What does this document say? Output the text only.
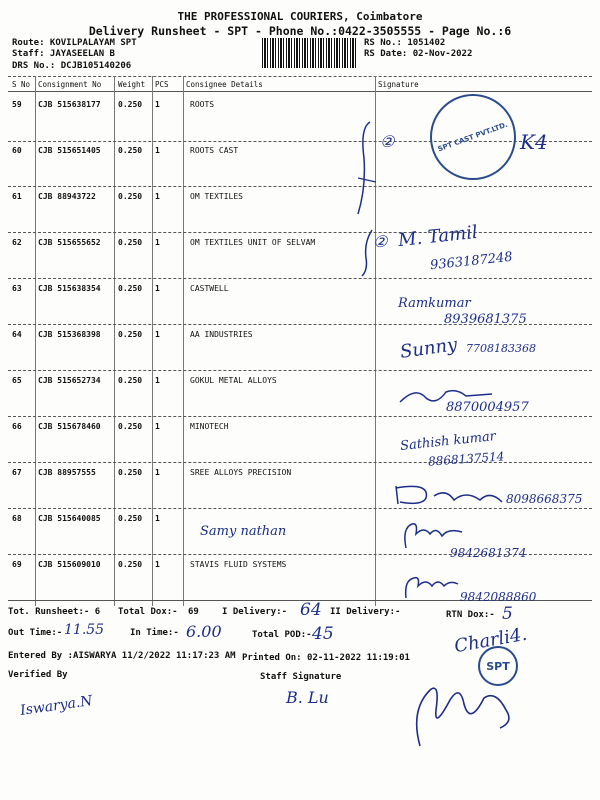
THE PROFESSIONAL COURIERS, Coimbatore
Delivery Runsheet - SPT - Phone No.:0422-3505555 - Page No.:6
Route: KOVILPALAYAM SPT
Staff: JAYASEELAN B
DRS No.: DCJB105140206
RS No.: 1051402
RS Date: 02-Nov-2022
S No Consignment No Weight PCS Consignee Details	Signature
59 CJB 515638177 0.250 1	ROOTS
60 CJB 515651405 0.250 1	ROOTS CAST
61 CJB 88943722	0.250 1	OM TEXTILES
62 CJB 515655652 0.250 1	OM TEXTILES UNIT OF SELVAM
63 CJB 515638354 0.250 1	CASTWELL
64 CJB 515368398 0.250 1	AA INDUSTRIES
65 CJB 515652734 0.250 1	GOKUL METAL ALLOYS
66 CJB 515678460 0.250 1	MINOTECH
67 CJB 88957555	0.250 1	SREE ALLOYS PRECISION
68 CJB 515640085 0.250 1
69 CJB 515609010 0.250 1	STAVIS FLUID SYSTEMS
SPT CAST PVT.LTD.
②	K4
② M. Tamil
9363187248
Ramkumar
8939681375
Sunny 7708183368
8870004957
Sathish kumar
8868137514
8098668375
Samy nathan
9842681374
9842088860
Tot. Runsheet:- 6 Total Dox:- 69	I Delivery:- 64 II Delivery:-	RTN Dox:- 5
Out Time:- 11.55	In Time:- 6.00	Total POD:- 45	Charli4.
Entered By :AISWARYA 11/2/2022 11:17:23 AM Printed On: 02-11-2022 11:19:01
SPT
Verified By	Staff Signature
Iswarya.N	B. Lu
